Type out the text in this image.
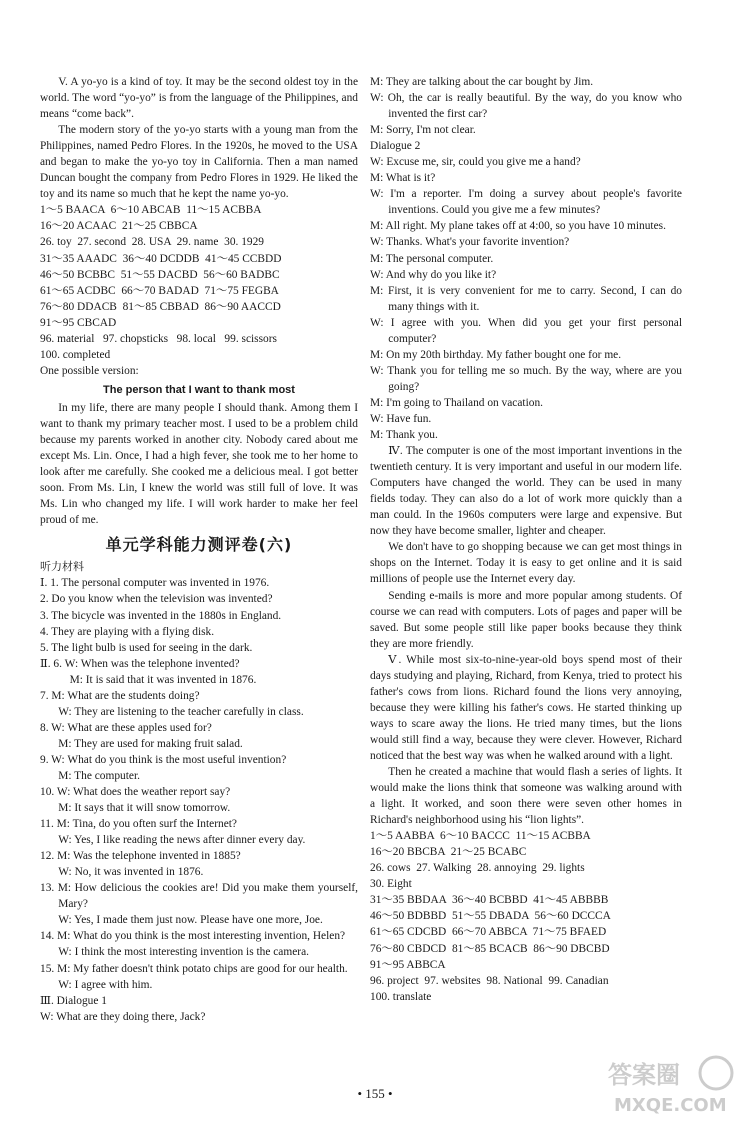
V. A yo-yo is a kind of toy. It may be the second oldest toy in the world. The word “yo-yo” is from the language of the Philippines, and means “come back”.

The modern story of the yo-yo starts with a young man from the Philippines, named Pedro Flores. In the 1920s, he moved to the USA and began to make the yo-yo toy in California. Then a man named Duncan bought the company from Pedro Flores in 1929. He liked the toy and its name so much that he kept the name yo-yo.

1～5 BAACA  6～10 ABCAB  11～15 ACBBA

16～20 ACAAC  21～25 CBBCA

26. toy  27. second  28. USA  29. name  30. 1929

31～35 AAADC  36～40 DCDDB  41～45 CCBDD

46～50 BCBBC  51～55 DACBD  56～60 BADBC

61～65 ACDBC  66～70 BADAD  71～75 FEGBA

76～80 DDACB  81～85 CBBAD  86～90 AACCD

91～95 CBCAD

96. material   97. chopsticks   98. local   99. scissors

100. completed

One possible version:

The person that I want to thank most

In my life, there are many people I should thank. Among them I want to thank my primary teacher most. I used to be a problem child because my parents worked in another city. Nobody cared about me except Ms. Lin. Once, I had a high fever, she took me to her home to look after me carefully. She cooked me a delicious meal. I got better soon. From Ms. Lin, I knew the world was still full of love. It was Ms. Lin who changed my life. I will work harder to make her feel proud of me.

单元学科能力测评卷(六)

听力材料

Ⅰ. 1. The personal computer was invented in 1976.

2. Do you know when the television was invented?

3. The bicycle was invented in the 1880s in England.

4. They are playing with a flying disk.

5. The light bulb is used for seeing in the dark.

Ⅱ. 6. W: When was the telephone invented?

M: It is said that it was invented in 1876.

7. M: What are the students doing?

W: They are listening to the teacher carefully in class.

8. W: What are these apples used for?

M: They are used for making fruit salad.

9. W: What do you think is the most useful invention?

M: The computer.

10. W: What does the weather report say?

M: It says that it will snow tomorrow.

11. M: Tina, do you often surf the Internet?

W: Yes, I like reading the news after dinner every day.

12. M: Was the telephone invented in 1885?

W: No, it was invented in 1876.

13. M: How delicious the cookies are! Did you make them yourself, Mary?

W: Yes, I made them just now. Please have one more, Joe.

14. M: What do you think is the most interesting invention, Helen?

W: I think the most interesting invention is the camera.

15. M: My father doesn't think potato chips are good for our health.

W: I agree with him.

Ⅲ. Dialogue 1

W: What are they doing there, Jack?

M: They are talking about the car bought by Jim.

W: Oh, the car is really beautiful. By the way, do you know who invented the first car?

M: Sorry, I'm not clear.

Dialogue 2

W: Excuse me, sir, could you give me a hand?

M: What is it?

W: I'm a reporter. I'm doing a survey about people's favorite inventions. Could you give me a few minutes?

M: All right. My plane takes off at 4:00, so you have 10 minutes.

W: Thanks. What's your favorite invention?

M: The personal computer.

W: And why do you like it?

M: First, it is very convenient for me to carry. Second, I can do many things with it.

W: I agree with you. When did you get your first personal computer?

M: On my 20th birthday. My father bought one for me.

W: Thank you for telling me so much. By the way, where are you going?

M: I'm going to Thailand on vacation.

W: Have fun.

M: Thank you.

Ⅳ. The computer is one of the most important inventions in the twentieth century. It is very important and useful in our modern life. Computers have changed the world. They can be used in many fields today. They can also do a lot of work more quickly than a man could. In the 1960s computers were large and expensive. But now they have become smaller, lighter and cheaper.

We don't have to go shopping because we can get most things in shops on the Internet. Today it is easy to get online and it is said millions of people use the Internet every day.

Sending e-mails is more and more popular among students. Of course we can read with computers. Lots of pages and paper will be saved. But some people still like paper books because they think they are more friendly.

Ⅴ. While most six-to-nine-year-old boys spend most of their days studying and playing, Richard, from Kenya, tried to protect his father's cows from lions. Richard found the lions very annoying, because they were killing his father's cows. He started thinking up ways to scare away the lions. He tried many times, but the lions would still find a way, because they were clever. However, Richard noticed that the best way was when he walked around with a light.

Then he created a machine that would flash a series of lights. It would make the lions think that someone was walking around with a light. It worked, and soon there were seven other homes in Richard's neighborhood using his “lion lights”.

1～5 AABBA  6～10 BACCC  11～15 ACBBA

16～20 BBCBA  21～25 BCABC

26. cows  27. Walking  28. annoying  29. lights

30. Eight

31～35 BBDAA  36～40 BCBBD  41～45 ABBBB

46～50 BDBBD  51～55 DBADA  56～60 DCCCA

61～65 CDCBD  66～70 ABBCA  71～75 BFAED

76～80 CBDCD  81～85 BCACB  86～90 DBCBD

91～95 ABBCA

96. project  97. websites  98. National  99. Canadian

100. translate

• 155 •
答案圈
MXQE.COM
